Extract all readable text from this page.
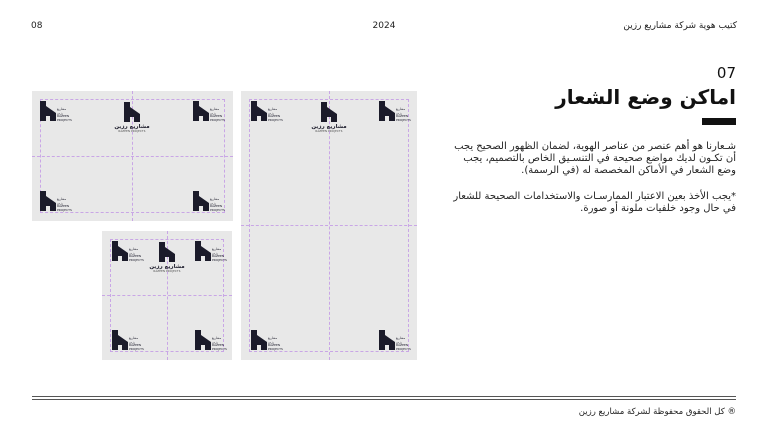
كتيب هوية شركة مشاريع رزين
2024
08
07
اماكن وضع الشعار
شـعارنا هو أهم عنصر من عناصر الهوية، لضمان الظهور الصحيح يجب أن تكـون لديك مواضع صحيحة في التنسـيق الخاص بالتصميم، يجب وضع الشعار في الأماكن المخصصة له (في الرسمة).
*يجب الأخذ بعين الاعتبار الممارسـات والاستخدامات الصحيحة للشعار في حال وجود خلفيات ملونة أو صورة.
مشاريع رزين
RAZEEN PROJECTS
مشاريع رزين
RAZEEN PROJECTS
مشاريع رزين
RAZEEN PROJECTS
مشاريع رزين
RAZEEN PROJECTS
مشاريع رزين
RAZEEN PROJECTS
مشاريع رزين
RAZEEN PROJECTS
مشاريع رزين
RAZEEN PROJECTS
مشاريع رزين
RAZEEN PROJECTS
مشاريع رزين
RAZEEN PROJECTS
مشاريع رزين
RAZEEN PROJECTS
مشاريع رزين
RAZEEN PROJECTS
مشاريع رزين
RAZEEN PROJECTS
مشاريع رزين
RAZEEN PROJECTS
مشاريع رزين
RAZEEN PROJECTS
مشاريع رزين
RAZEEN PROJECTS
® كل الحقوق محفوظة لشركة مشاريع رزين
